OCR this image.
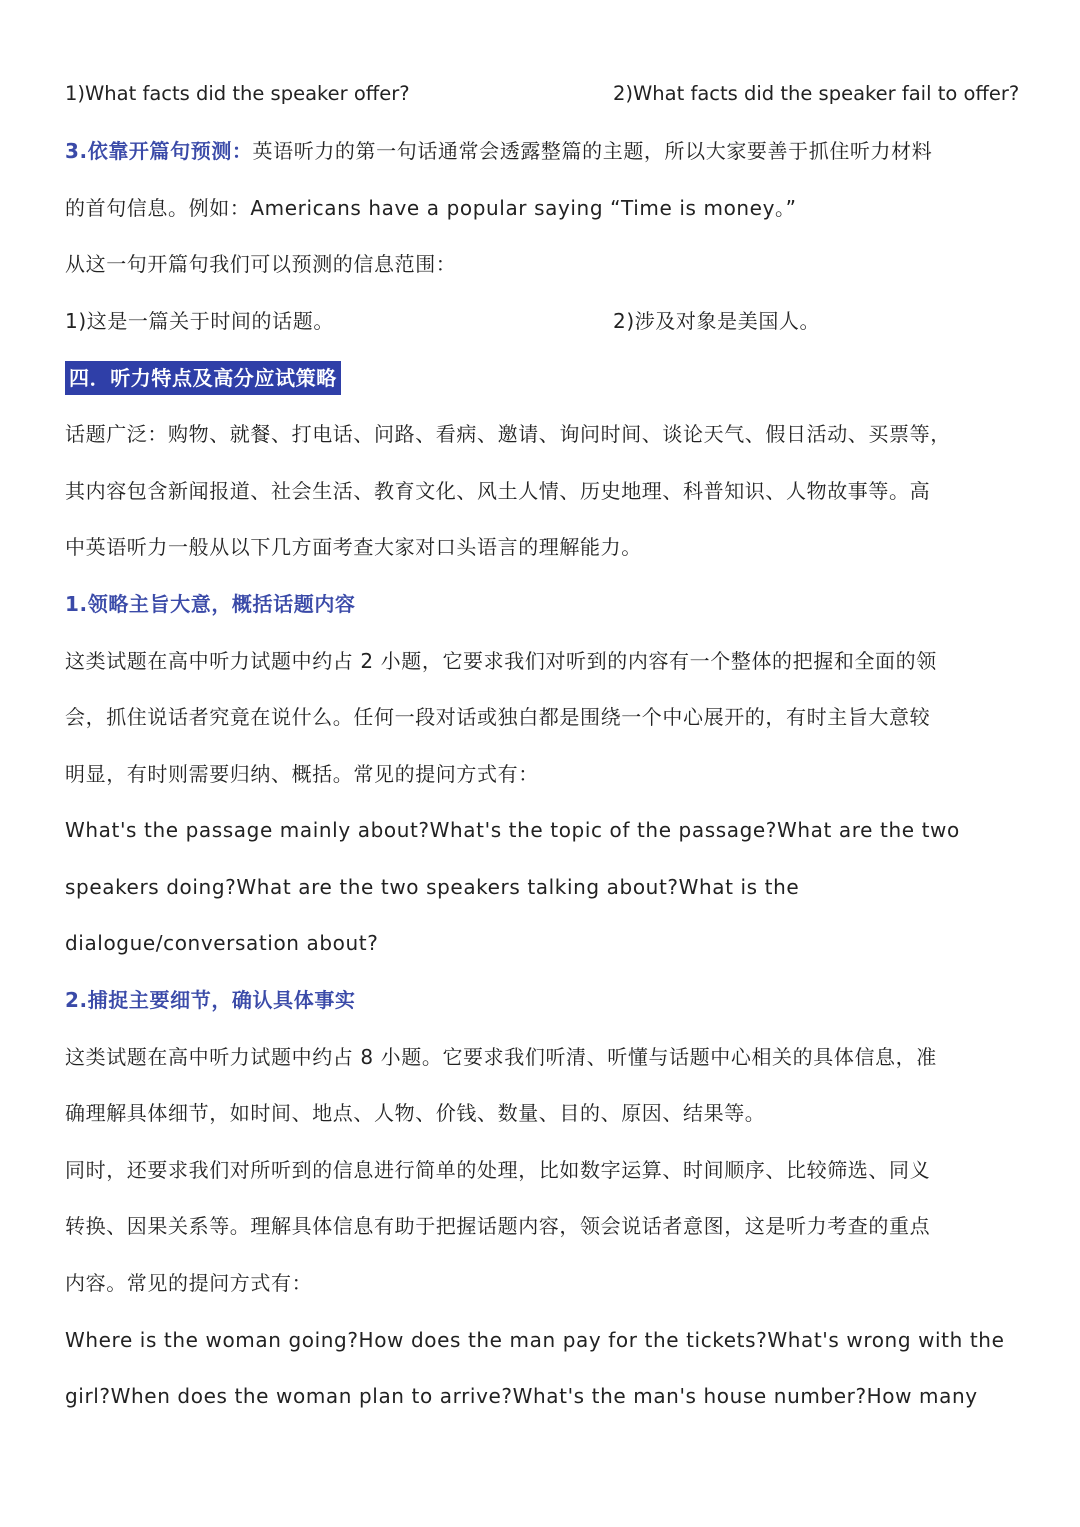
1)What facts did the speaker offer?	2)What facts did the speaker fail to offer?
3.依靠开篇句预测：英语听力的第一句话通常会透露整篇的主题，所以大家要善于抓住听力材料
的首句信息。例如：Americans have a popular saying “Time is money。”
从这一句开篇句我们可以预测的信息范围：
1)这是一篇关于时间的话题。	2)涉及对象是美国人。
四．听力特点及高分应试策略
话题广泛：购物、就餐、打电话、问路、看病、邀请、询问时间、谈论天气、假日活动、买票等，
其内容包含新闻报道、社会生活、教育文化、风土人情、历史地理、科普知识、人物故事等。高
中英语听力一般从以下几方面考查大家对口头语言的理解能力。
1.领略主旨大意，概括话题内容
这类试题在高中听力试题中约占 2 小题，它要求我们对听到的内容有一个整体的把握和全面的领
会，抓住说话者究竟在说什么。任何一段对话或独白都是围绕一个中心展开的，有时主旨大意较
明显，有时则需要归纳、概括。常见的提问方式有：
What's the passage mainly about?What's the topic of the passage?What are the two
speakers doing?What are the two speakers talking about?What is the
dialogue/conversation about?
2.捕捉主要细节，确认具体事实
这类试题在高中听力试题中约占 8 小题。它要求我们听清、听懂与话题中心相关的具体信息，准
确理解具体细节，如时间、地点、人物、价钱、数量、目的、原因、结果等。
同时，还要求我们对所听到的信息进行简单的处理，比如数字运算、时间顺序、比较筛选、同义
转换、因果关系等。理解具体信息有助于把握话题内容，领会说话者意图，这是听力考查的重点
内容。常见的提问方式有：
Where is the woman going?How does the man pay for the tickets?What's wrong with the
girl?When does the woman plan to arrive?What's the man's house number?How many
